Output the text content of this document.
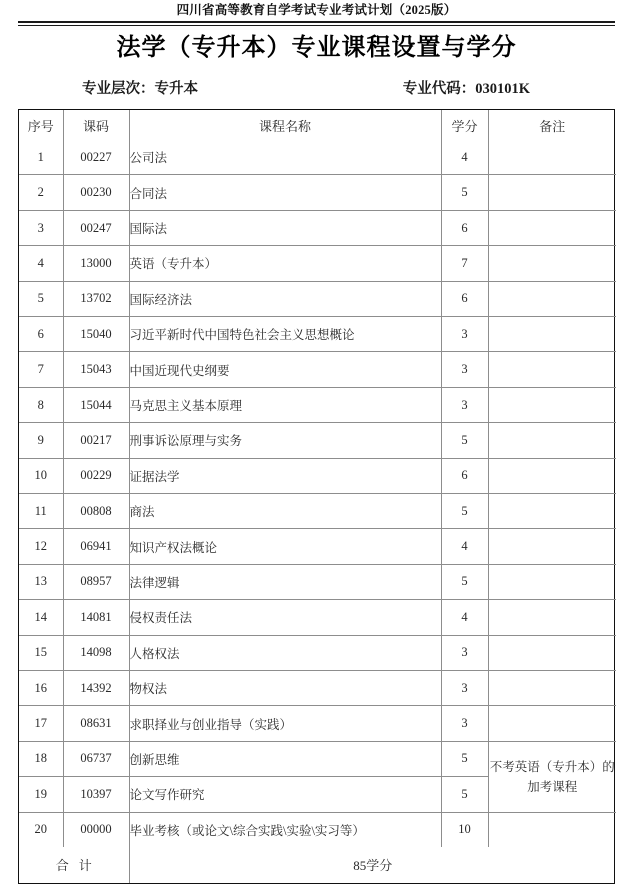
四川省高等教育自学考试专业考试计划（2025版）
法学（专升本）专业课程设置与学分
专业层次：专升本	专业代码：030101K
序号	课码	课程名称	学分	备注
1	00227	公司法	4	
2	00230	合同法	5	
3	00247	国际法	6	
4	13000	英语（专升本）	7	
5	13702	国际经济法	6	
6	15040	习近平新时代中国特色社会主义思想概论	3	
7	15043	中国近现代史纲要	3	
8	15044	马克思主义基本原理	3	
9	00217	刑事诉讼原理与实务	5	
10	00229	证据法学	6	
11	00808	商法	5	
12	06941	知识产权法概论	4	
13	08957	法律逻辑	5	
14	14081	侵权责任法	4	
15	14098	人格权法	3	
16	14392	物权法	3	
17	08631	求职择业与创业指导（实践）	3	
18	06737	创新思维	5	不考英语（专升本）的加考课程
19	10397	论文写作研究	5	
20	00000	毕业考核（或论文\综合实践\实验\实习等）	10	
合计		85学分		
